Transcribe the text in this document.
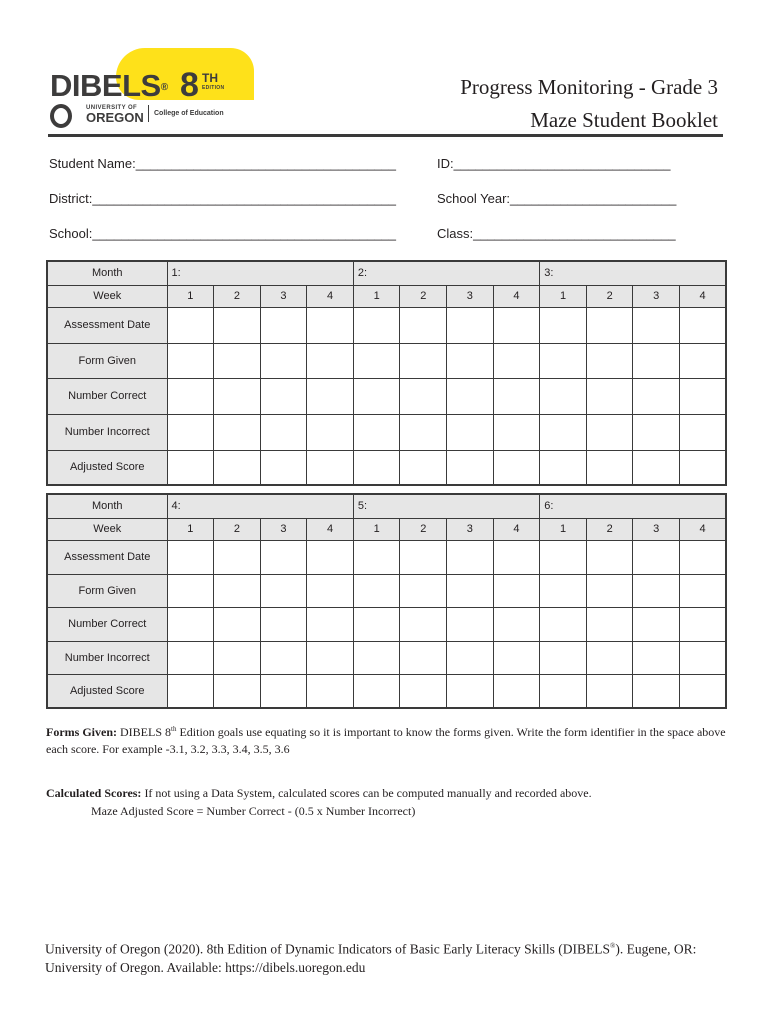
DIBELS® 8 TH
EDITION
UNIVERSITY OF
OREGON College of Education
Progress Monitoring - Grade 3
Maze Student Booklet
Student Name:____________________________________	ID:______________________________
District:__________________________________________	School Year:_______________________
School:__________________________________________	Class:____________________________
Month	1:				2:				3:			
Week	1	2	3	4	1	2	3	4	1	2	3	4
Assessment Date												
Form Given												
Number Correct												
Number Incorrect												
Adjusted Score												
Month	4:				5:				6:			
Week	1	2	3	4	1	2	3	4	1	2	3	4
Assessment Date												
Form Given												
Number Correct												
Number Incorrect												
Adjusted Score												
Forms Given: DIBELS 8th Edition goals use equating so it is important to know the forms given. Write the form identifier in the space above each score. For example -3.1, 3.2, 3.3, 3.4, 3.5, 3.6
Calculated Scores: If not using a Data System, calculated scores can be computed manually and recorded above.
Maze Adjusted Score = Number Correct - (0.5 x Number Incorrect)
University of Oregon (2020). 8th Edition of Dynamic Indicators of Basic Early Literacy Skills (DIBELS®). Eugene, OR: University of Oregon. Available: https://dibels.uoregon.edu
